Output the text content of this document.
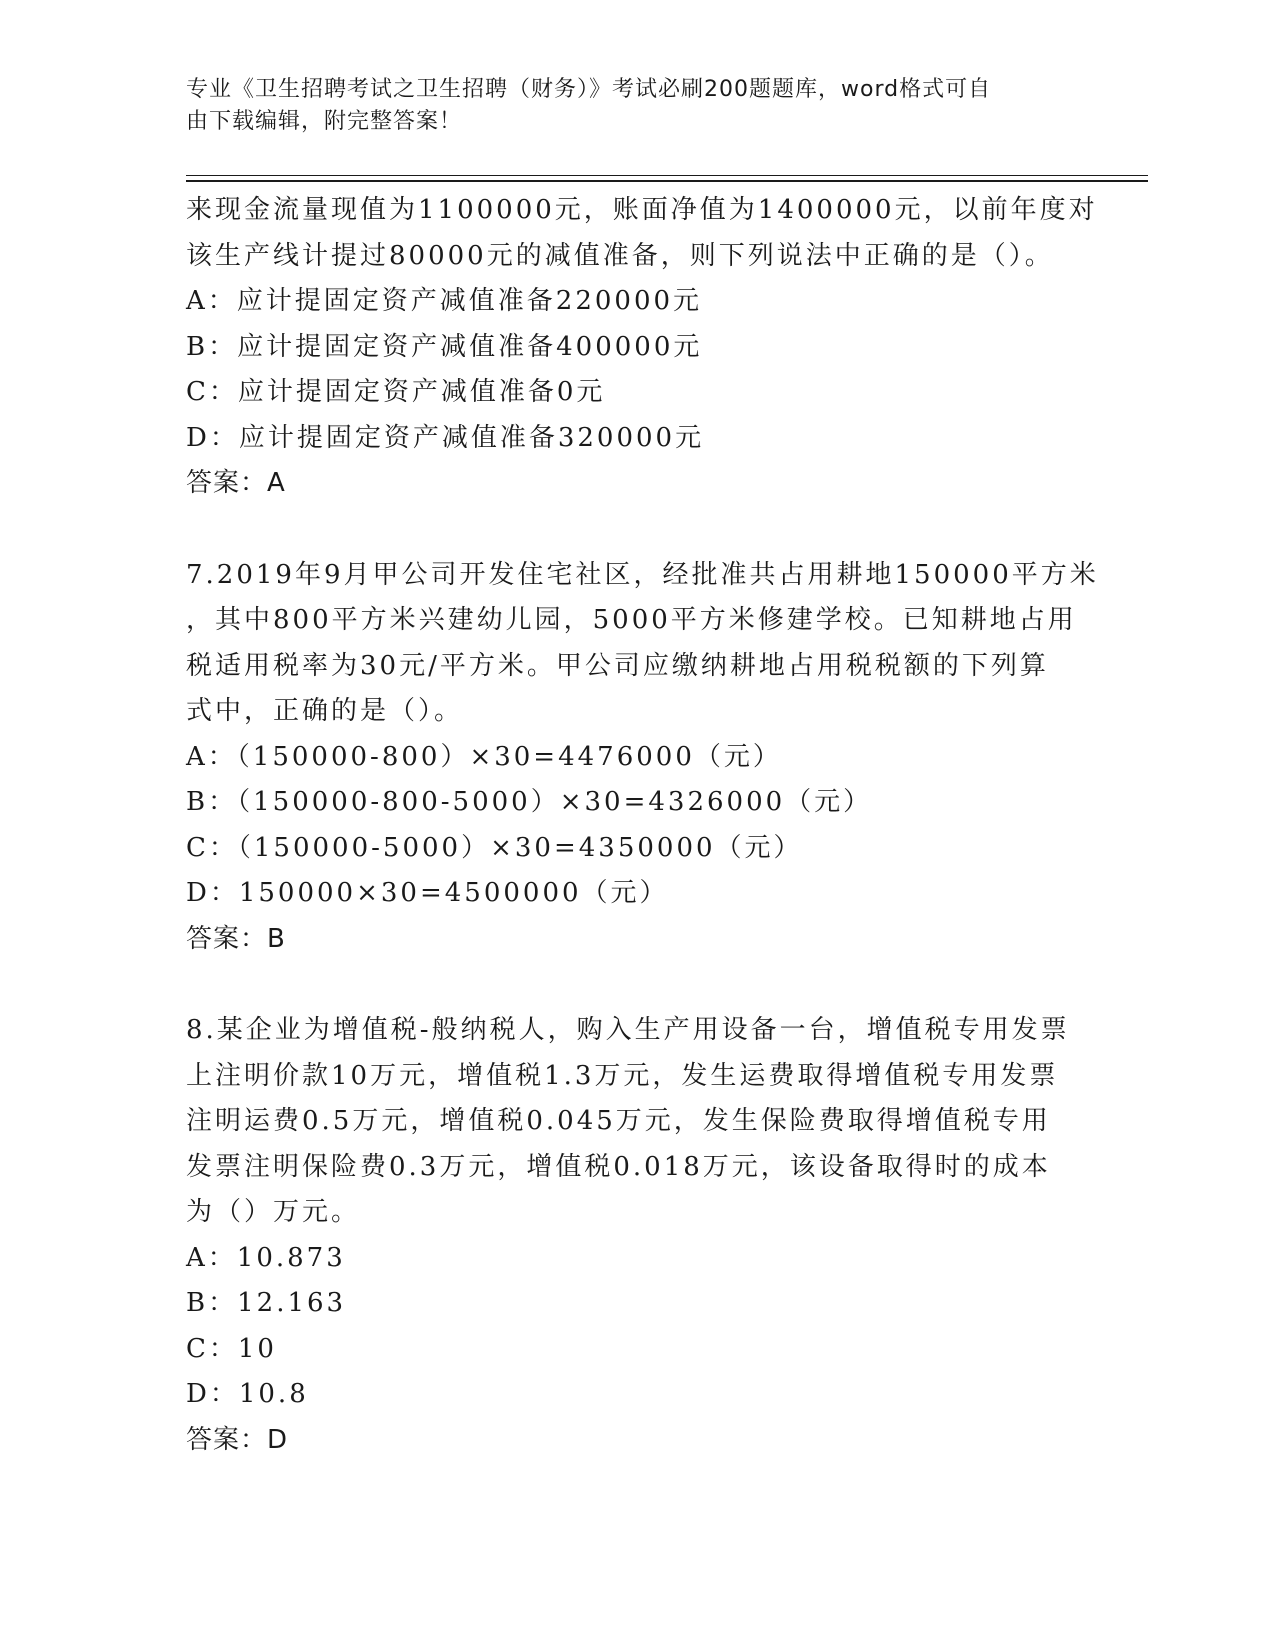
专业《卫生招聘考试之卫生招聘（财务）》考试必刷200题题库，word格式可自
由下载编辑，附完整答案！
来现金流量现值为1100000元，账面净值为1400000元，以前年度对
该生产线计提过80000元的减值准备，则下列说法中正确的是（）。
A：应计提固定资产减值准备220000元
B：应计提固定资产减值准备400000元
C：应计提固定资产减值准备0元
D：应计提固定资产减值准备320000元
答案：A
7.2019年9月甲公司开发住宅社区，经批准共占用耕地150000平方米
，其中800平方米兴建幼儿园，5000平方米修建学校。已知耕地占用
税适用税率为30元/平方米。甲公司应缴纳耕地占用税税额的下列算
式中，正确的是（）。
A：（150000-800）×30=4476000（元）
B：（150000-800-5000）×30=4326000（元）
C：（150000-5000）×30=4350000（元）
D：150000×30=4500000（元）
答案：B
8.某企业为增值税-般纳税人，购入生产用设备一台，增值税专用发票
上注明价款10万元，增值税1.3万元，发生运费取得增值税专用发票
注明运费0.5万元，增值税0.045万元，发生保险费取得增值税专用
发票注明保险费0.3万元，增值税0.018万元，该设备取得时的成本
为（）万元。
A：10.873
B：12.163
C：10
D：10.8
答案：D
